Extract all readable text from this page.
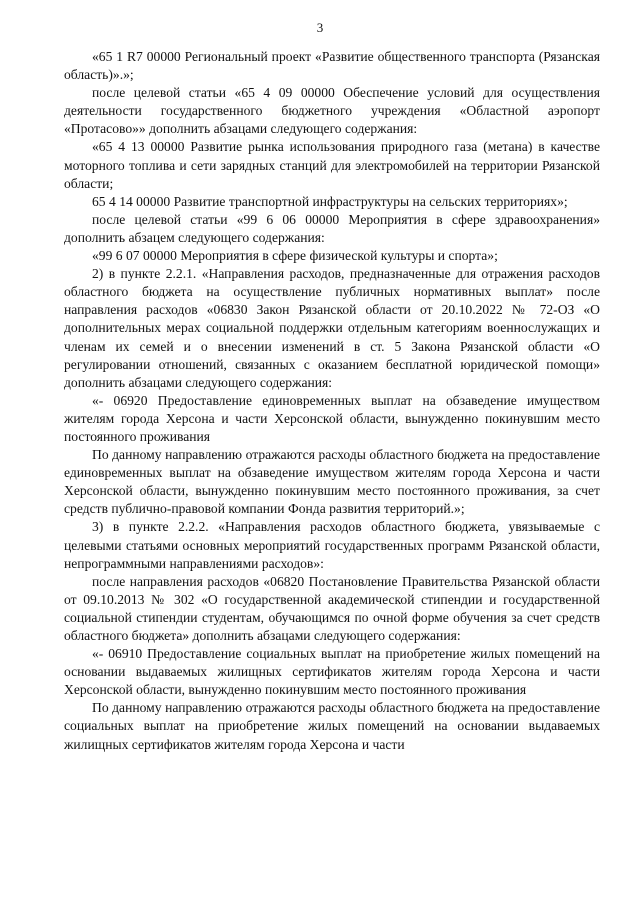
3

«65 1 R7 00000 Региональный проект «Развитие общественного транспорта (Рязанская область)».»;

после целевой статьи «65 4 09 00000 Обеспечение условий для осуществления деятельности государственного бюджетного учреждения «Областной аэропорт «Протасово»» дополнить абзацами следующего содержания:

«65 4 13 00000 Развитие рынка использования природного газа (метана) в качестве моторного топлива и сети зарядных станций для электромобилей на территории Рязанской области;

65 4 14 00000 Развитие транспортной инфраструктуры на сельских территориях»;

после целевой статьи «99 6 06 00000 Мероприятия в сфере здравоохранения» дополнить абзацем следующего содержания:

«99 6 07 00000 Мероприятия в сфере физической культуры и спорта»;

2) в пункте 2.2.1. «Направления расходов, предназначенные для отражения расходов областного бюджета на осуществление публичных нормативных выплат» после направления расходов «06830 Закон Рязанской области от 20.10.2022 № 72-ОЗ «О дополнительных мерах социальной поддержки отдельным категориям военнослужащих и членам их семей и о внесении изменений в ст. 5 Закона Рязанской области «О регулировании отношений, связанных с оказанием бесплатной юридической помощи» дополнить абзацами следующего содержания:

«- 06920 Предоставление единовременных выплат на обзаведение имуществом жителям города Херсона и части Херсонской области, вынужденно покинувшим место постоянного проживания

По данному направлению отражаются расходы областного бюджета на предоставление единовременных выплат на обзаведение имуществом жителям города Херсона и части Херсонской области, вынужденно покинувшим место постоянного проживания, за счет средств публично-правовой компании Фонда развития территорий.»;

3) в пункте 2.2.2. «Направления расходов областного бюджета, увязываемые с целевыми статьями основных мероприятий государственных программ Рязанской области, непрограммными направлениями расходов»:

после направления расходов «06820 Постановление Правительства Рязанской области от 09.10.2013 № 302 «О государственной академической стипендии и государственной социальной стипендии студентам, обучающимся по очной форме обучения за счет средств областного бюджета» дополнить абзацами следующего содержания:

«- 06910 Предоставление социальных выплат на приобретение жилых помещений на основании выдаваемых жилищных сертификатов жителям города Херсона и части Херсонской области, вынужденно покинувшим место постоянного проживания

По данному направлению отражаются расходы областного бюджета на предоставление социальных выплат на приобретение жилых помещений на основании выдаваемых жилищных сертификатов жителям города Херсона и части
